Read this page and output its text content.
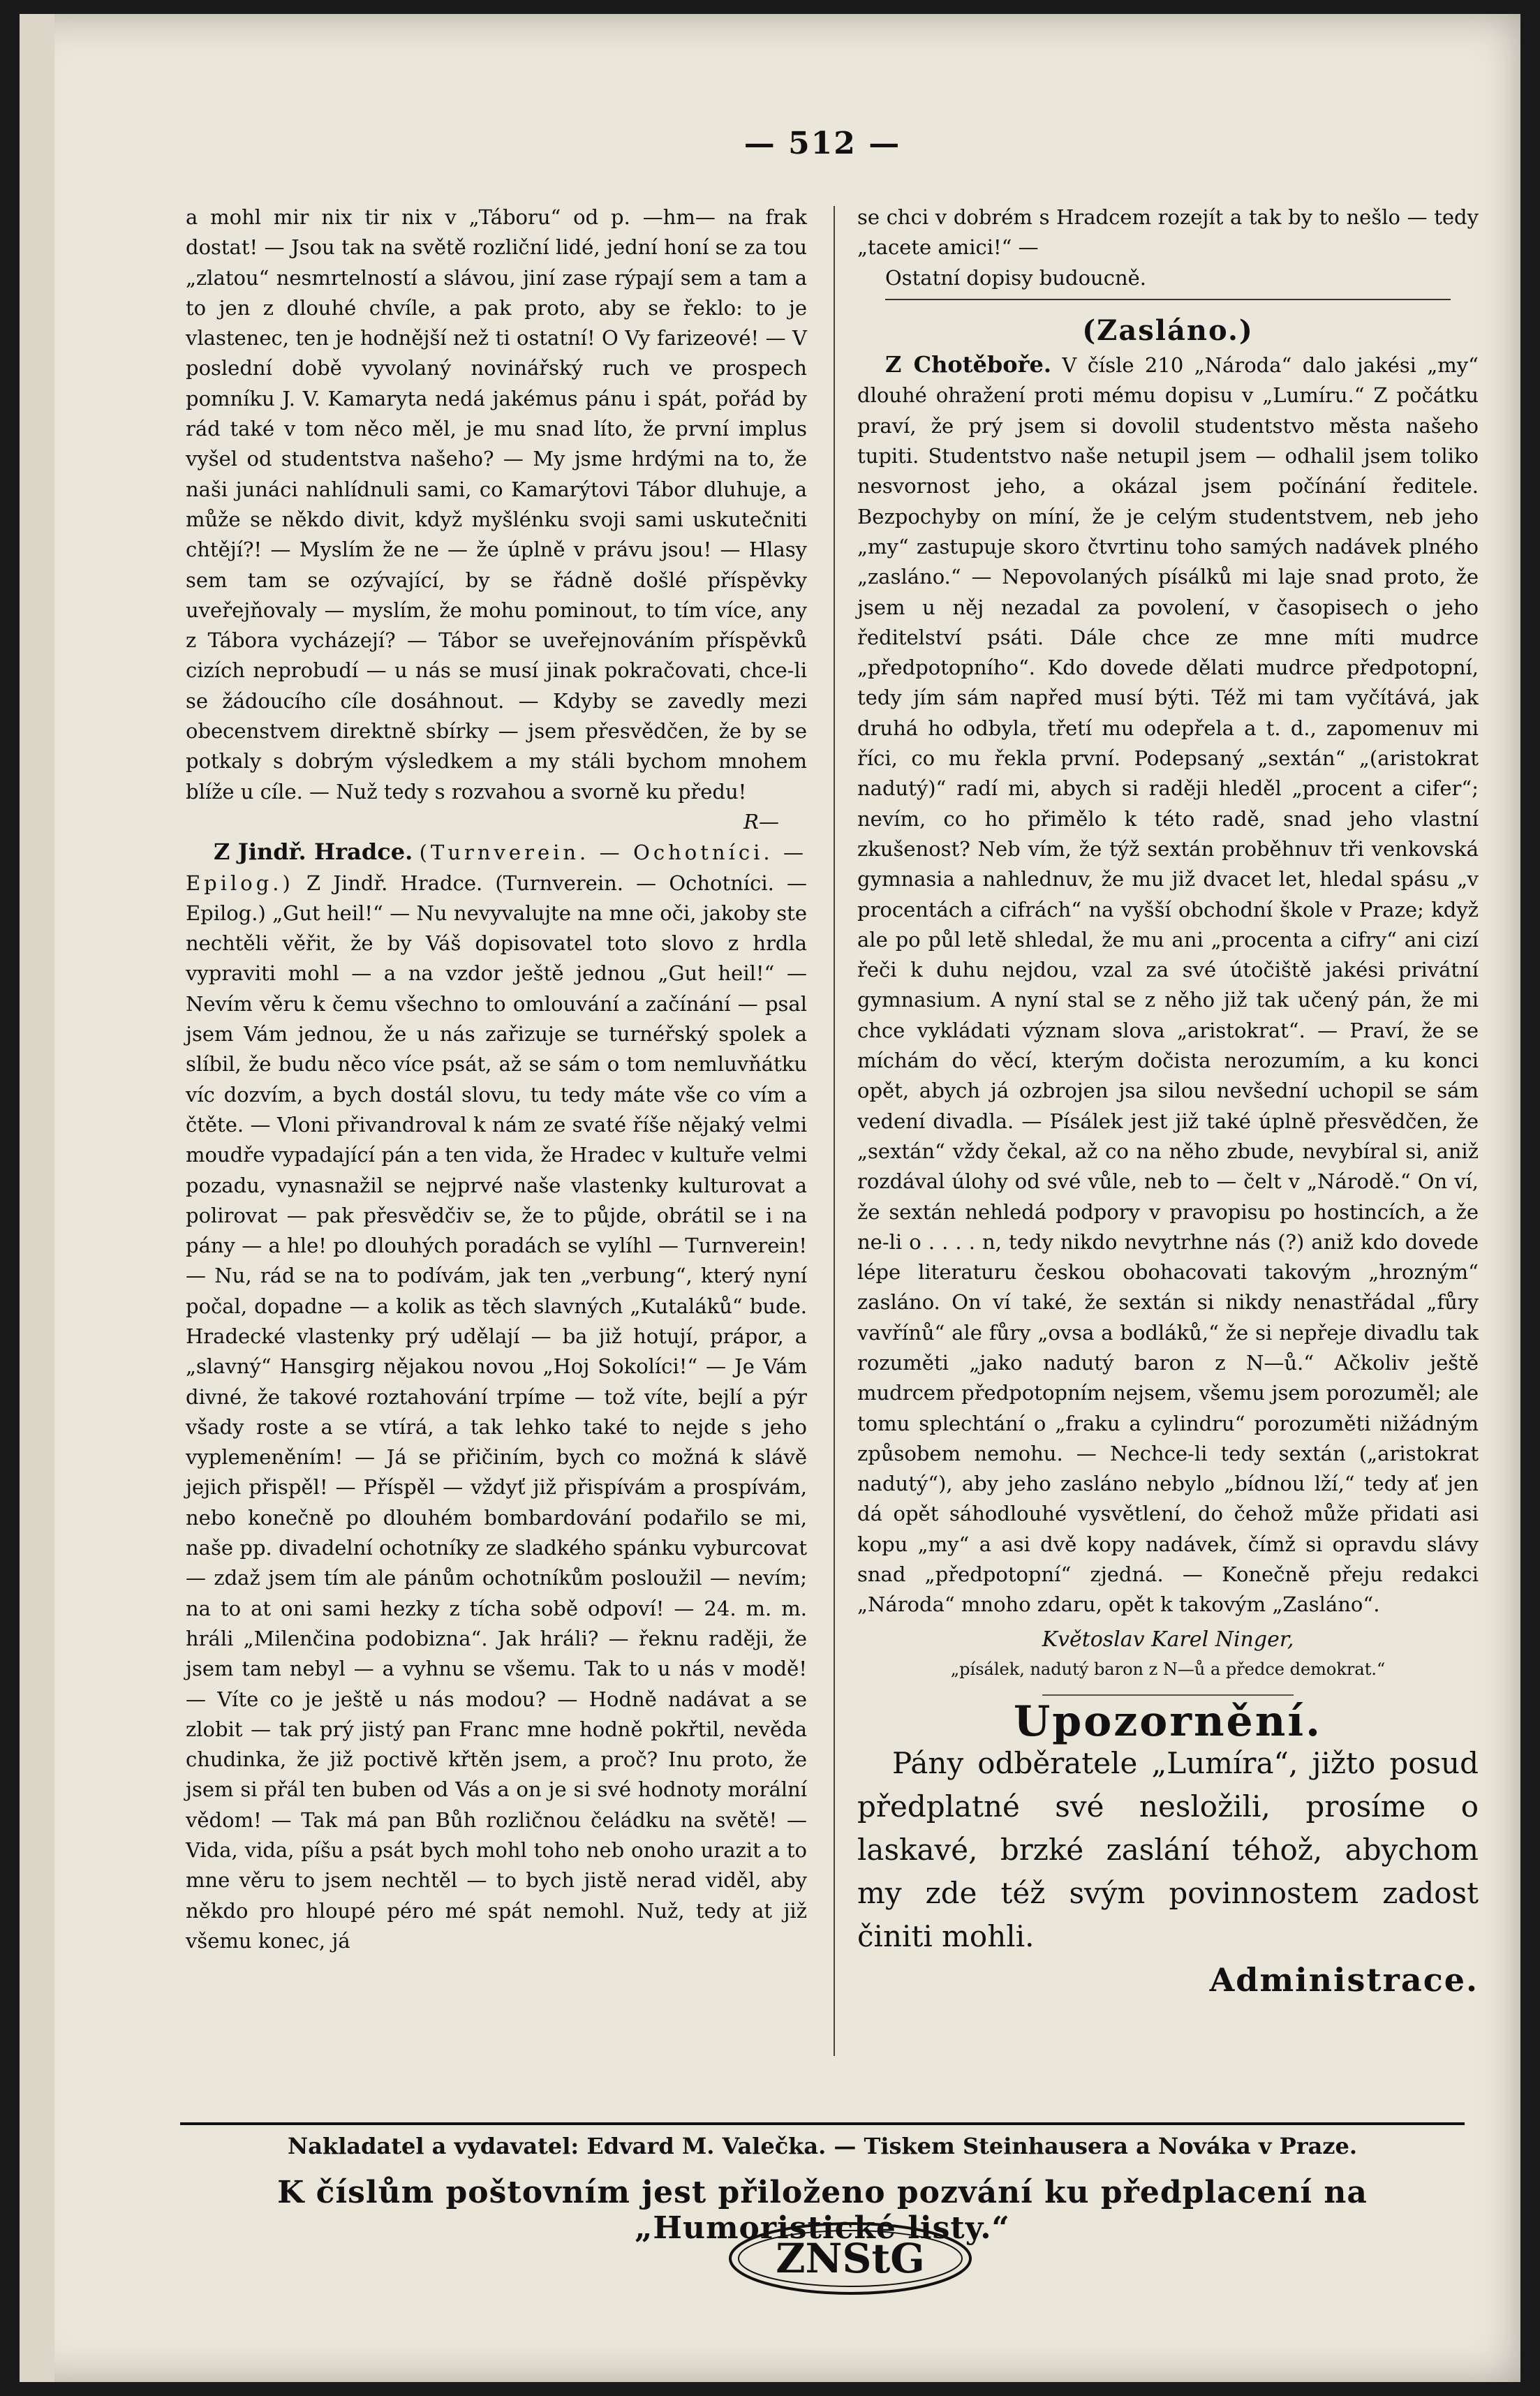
— 512 —

a mohl mir nix tir nix v „Táboru“ od p. —hm— na frak dostat! — Jsou tak na světě rozliční lidé, jední honí se za tou „zlatou“ nesmrtelností a slávou, jiní zase rýpají sem a tam a to jen z dlouhé chvíle, a pak proto, aby se řeklo: to je vlastenec, ten je hodnější než ti ostatní! O Vy farizeové! — V poslední době vyvolaný novinářský ruch ve prospech pomníku J. V. Kamaryta nedá jakémus pánu i spát, pořád by rád také v tom něco měl, je mu snad líto, že první implus vyšel od studentstva našeho? — My jsme hrdými na to, že naši junáci nahlídnuli sami, co Kamarýtovi Tábor dluhuje, a může se někdo divit, když myšlénku svoji sami uskutečniti chtějí?! — Myslím že ne — že úplně v právu jsou! — Hlasy sem tam se ozývající, by se řádně došlé příspěvky uveřejňovaly — myslím, že mohu pominout, to tím více, any z Tábora vycházejí? — Tábor se uveřejnováním příspěvků cizích neprobudí — u nás se musí jinak pokračovati, chce-li se žádoucího cíle dosáhnout. — Kdyby se zavedly mezi obecenstvem direktně sbírky — jsem přesvědčen, že by se potkaly s dobrým výsledkem a my stáli bychom mnohem blíže u cíle. — Nuž tedy s rozvahou a svorně ku předu!

R—

Z Jindř. Hradce. (Turnverein. — Ochotníci. — Epilog.) Z Jindř. Hradce. (Turnverein. — Ochotníci. — Epilog.) „Gut heil!“ — Nu nevyvalujte na mne oči, jakoby ste nechtěli věřit, že by Váš dopisovatel toto slovo z hrdla vypraviti mohl — a na vzdor ještě jednou „Gut heil!“ — Nevím věru k čemu všechno to omlouvání a začínání — psal jsem Vám jednou, že u nás zařizuje se turnéřský spolek a slíbil, že budu něco více psát, až se sám o tom nemluvňátku víc dozvím, a bych dostál slovu, tu tedy máte vše co vím a čtěte. — Vloni přivandroval k nám ze svaté říše nějaký velmi moudře vypadající pán a ten vida, že Hradec v kultuře velmi pozadu, vynasnažil se nejprvé naše vlastenky kulturovat a polirovat — pak přesvědčiv se, že to půjde, obrátil se i na pány — a hle! po dlouhých poradách se vylíhl — Turnverein! — Nu, rád se na to podívám, jak ten „verbung“, který nyní počal, dopadne — a kolik as těch slavných „Kutaláků“ bude. Hradecké vlastenky prý udělají — ba již hotují, prápor, a „slavný“ Hansgirg nějakou novou „Hoj Sokolíci!“ — Je Vám divné, že takové roztahování trpíme — tož víte, bejlí a pýr všady roste a se vtírá, a tak lehko také to nejde s jeho vyplemeněním! — Já se přičiním, bych co možná k slávě jejich přispěl! — Příspěl — vždyť již přispívám a prospívám, nebo konečně po dlouhém bombardování podařilo se mi, naše pp. divadelní ochotníky ze sladkého spánku vyburcovat — zdaž jsem tím ale pánům ochotníkům posloužil — nevím; na to at oni sami hezky z tícha sobě odpoví! — 24. m. m. hráli „Milenčina podobizna“. Jak hráli? — řeknu raději, že jsem tam nebyl — a vyhnu se všemu. Tak to u nás v modě! — Víte co je ještě u nás modou? — Hodně nadávat a se zlobit — tak prý jistý pan Franc mne hodně pokřtil, nevěda chudinka, že již poctivě křtěn jsem, a proč? Inu proto, že jsem si přál ten buben od Vás a on je si své hodnoty morální vědom! — Tak má pan Bůh rozličnou čeládku na světě! — Vida, vida, píšu a psát bych mohl toho neb onoho urazit a to mne věru to jsem nechtěl — to bych jistě nerad viděl, aby někdo pro hloupé péro mé spát nemohl. Nuž, tedy at již všemu konec, já

se chci v dobrém s Hradcem rozejít a tak by to nešlo — tedy „tacete amici!“ —

Ostatní dopisy budoucně.

(Zasláno.)

Z Chotěboře. V čísle 210 „Národa“ dalo jakési „my“ dlouhé ohražení proti mému dopisu v „Lumíru.“ Z počátku praví, že prý jsem si dovolil studentstvo města našeho tupiti. Studentstvo naše netupil jsem — odhalil jsem toliko nesvornost jeho, a okázal jsem počínání ředitele. Bezpochyby on míní, že je celým studentstvem, neb jeho „my“ zastupuje skoro čtvrtinu toho samých nadávek plného „zasláno.“ — Nepovolaných písálků mi laje snad proto, že jsem u něj nezadal za povolení, v časopisech o jeho ředitelství psáti. Dále chce ze mne míti mudrce „předpotopního“. Kdo dovede dělati mudrce předpotopní, tedy jím sám napřed musí býti. Též mi tam vyčítává, jak druhá ho odbyla, třetí mu odepřela a t. d., zapomenuv mi říci, co mu řekla první. Podepsaný „sextán“ „(aristokrat nadutý)“ radí mi, abych si raději hleděl „procent a cifer“; nevím, co ho přimělo k této radě, snad jeho vlastní zkušenost? Neb vím, že týž sextán proběhnuv tři venkovská gymnasia a nahlednuv, že mu již dvacet let, hledal spásu „v procentách a cifrách“ na vyšší obchodní škole v Praze; když ale po půl letě shledal, že mu ani „procenta a cifry“ ani cizí řeči k duhu nejdou, vzal za své útočiště jakési privátní gymnasium. A nyní stal se z něho již tak učený pán, že mi chce vykládati význam slova „aristokrat“. — Praví, že se míchám do věcí, kterým dočista nerozumím, a ku konci opět, abych já ozbrojen jsa silou nevšední uchopil se sám vedení divadla. — Písálek jest již také úplně přesvědčen, že „sextán“ vždy čekal, až co na něho zbude, nevybíral si, aniž rozdával úlohy od své vůle, neb to — čelt v „Národě.“ On ví, že sextán nehledá podpory v pravopisu po hostincích, a že ne-li o . . . . n, tedy nikdo nevytrhne nás (?) aniž kdo dovede lépe literaturu českou obohacovati takovým „hrozným“ zasláno. On ví také, že sextán si nikdy nenastřádal „fůry vavřínů“ ale fůry „ovsa a bodláků,“ že si nepřeje divadlu tak rozuměti „jako nadutý baron z N—ů.“ Ačkoliv ještě mudrcem předpotopním nejsem, všemu jsem porozuměl; ale tomu splechtání o „fraku a cylindru“ porozuměti nižádným způsobem nemohu. — Nechce-li tedy sextán („aristokrat nadutý“), aby jeho zasláno nebylo „bídnou lží,“ tedy ať jen dá opět sáhodlouhé vysvětlení, do čehož může přidati asi kopu „my“ a asi dvě kopy nadávek, čímž si opravdu slávy snad „předpotopní“ zjedná. — Konečně přeju redakci „Národa“ mnoho zdaru, opět k takovým „Zasláno“.

Květoslav Karel Ninger,
„písálek, nadutý baron z N—ů a předce demokrat.“
Upozornění.

Pány odběratele „Lumíra“, jižto posud předplatné své nesložili, prosíme o laskavé, brzké zaslání téhož, abychom my zde též svým povinnostem zadost činiti mohli.

Administrace.
Nakladatel a vydavatel: Edvard M. Valečka. — Tiskem Steinhausera a Nováka v Praze.
K číslům poštovním jest přiloženo pozvání ku předplacení na „Humoristické listy.“
ZNStG
